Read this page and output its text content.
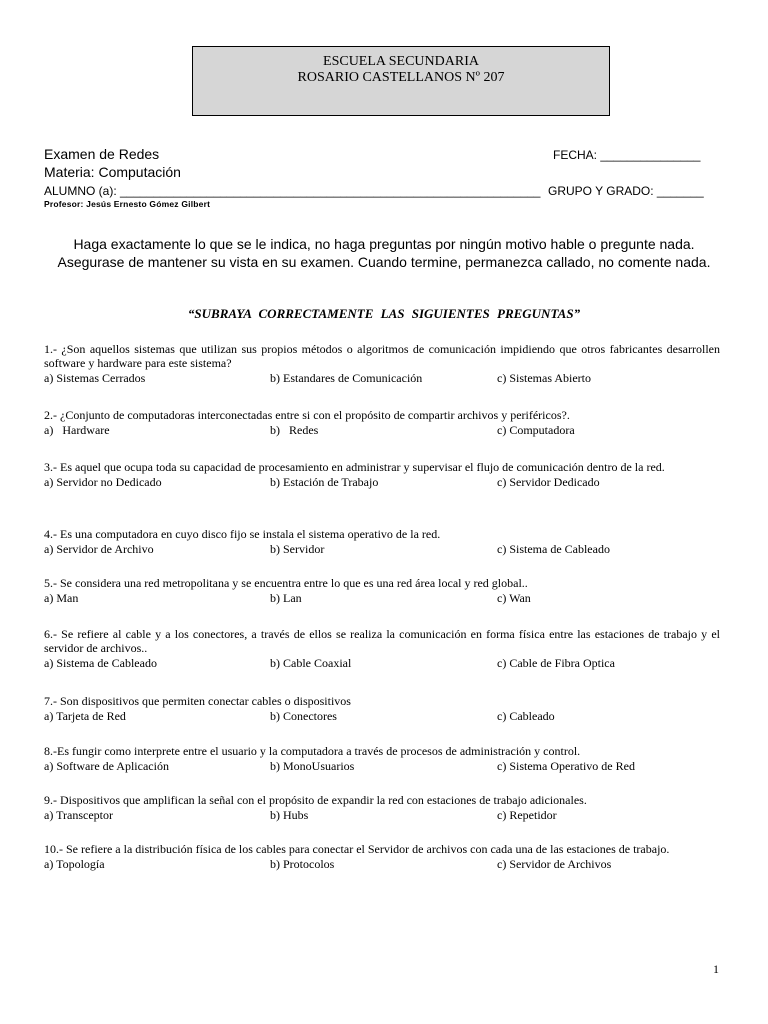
ESCUELA SECUNDARIA
ROSARIO CASTELLANOS Nº 207
Examen de Redes
Materia: Computación
FECHA: _______________
ALUMNO (a): _______________________________________________________________ GRUPO Y GRADO: _______
Profesor: Jesús Ernesto Gómez Gilbert
Haga exactamente lo que se le indica, no haga preguntas por ningún motivo hable o pregunte nada. Asegurase de mantener su vista en su examen. Cuando termine, permanezca callado, no comente nada.
“SUBRAYA CORRECTAMENTE LAS SIGUIENTES PREGUNTAS”
1.- ¿Son aquellos sistemas que utilizan sus propios métodos o algoritmos de comunicación impidiendo que otros fabricantes desarrollen software y hardware para este sistema?
a) Sistemas Cerrados	b) Estandares de Comunicación	c) Sistemas Abierto
2.- ¿Conjunto de computadoras interconectadas entre si con el propósito de compartir archivos y periféricos?.
a)   Hardware	b)   Redes	c) Computadora
3.- Es aquel que ocupa toda su capacidad de procesamiento en administrar y supervisar el flujo de comunicación dentro de la red.
a) Servidor no Dedicado	b) Estación de Trabajo	c) Servidor Dedicado
4.- Es una computadora en cuyo disco fijo se instala el sistema operativo de la red.
a) Servidor de Archivo	b) Servidor	c) Sistema de Cableado
5.- Se considera una red metropolitana y se encuentra entre lo que es una red área local y red global..
a) Man	b) Lan	c) Wan
6.- Se refiere al cable y a los conectores, a través de ellos se realiza la comunicación en forma física entre las estaciones de trabajo y el servidor de archivos..
a) Sistema de Cableado	b) Cable Coaxial	c) Cable de Fibra Optica
7.- Son dispositivos que permiten conectar cables o dispositivos
a) Tarjeta de Red	b) Conectores	c) Cableado
8.-Es fungir como interprete entre el usuario y la computadora a través de procesos de administración y control.
a) Software de Aplicación	b) MonoUsuarios	c) Sistema Operativo de Red
9.- Dispositivos que amplifican la señal con el propósito de expandir la red con estaciones de trabajo adicionales.
a) Transceptor	b) Hubs	c) Repetidor
10.- Se refiere a la distribución física de los cables para conectar el Servidor de archivos con cada una de las estaciones de trabajo.
a) Topología	b) Protocolos	c) Servidor de Archivos
1
